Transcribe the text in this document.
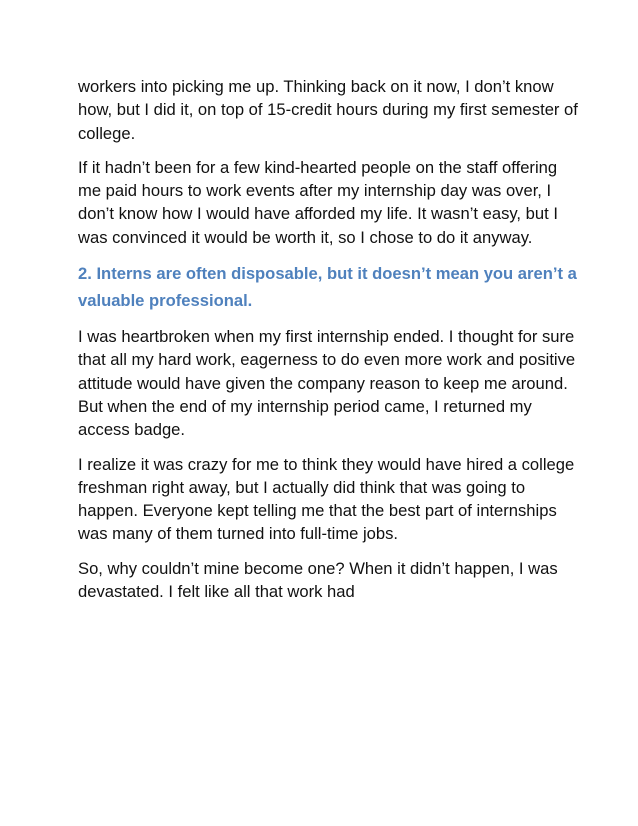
workers into picking me up. Thinking back on it now, I don’t know how, but I did it, on top of 15-credit hours during my first semester of college.

If it hadn’t been for a few kind-hearted people on the staff offering me paid hours to work events after my internship day was over, I don’t know how I would have afforded my life. It wasn’t easy, but I was convinced it would be worth it, so I chose to do it anyway.

2. Interns are often disposable, but it doesn’t mean you aren’t a valuable professional.

I was heartbroken when my first internship ended. I thought for sure that all my hard work, eagerness to do even more work and positive attitude would have given the company reason to keep me around. But when the end of my internship period came, I returned my access badge.

I realize it was crazy for me to think they would have hired a college freshman right away, but I actually did think that was going to happen. Everyone kept telling me that the best part of internships was many of them turned into full-time jobs.

So, why couldn’t mine become one? When it didn’t happen, I was devastated. I felt like all that work had
